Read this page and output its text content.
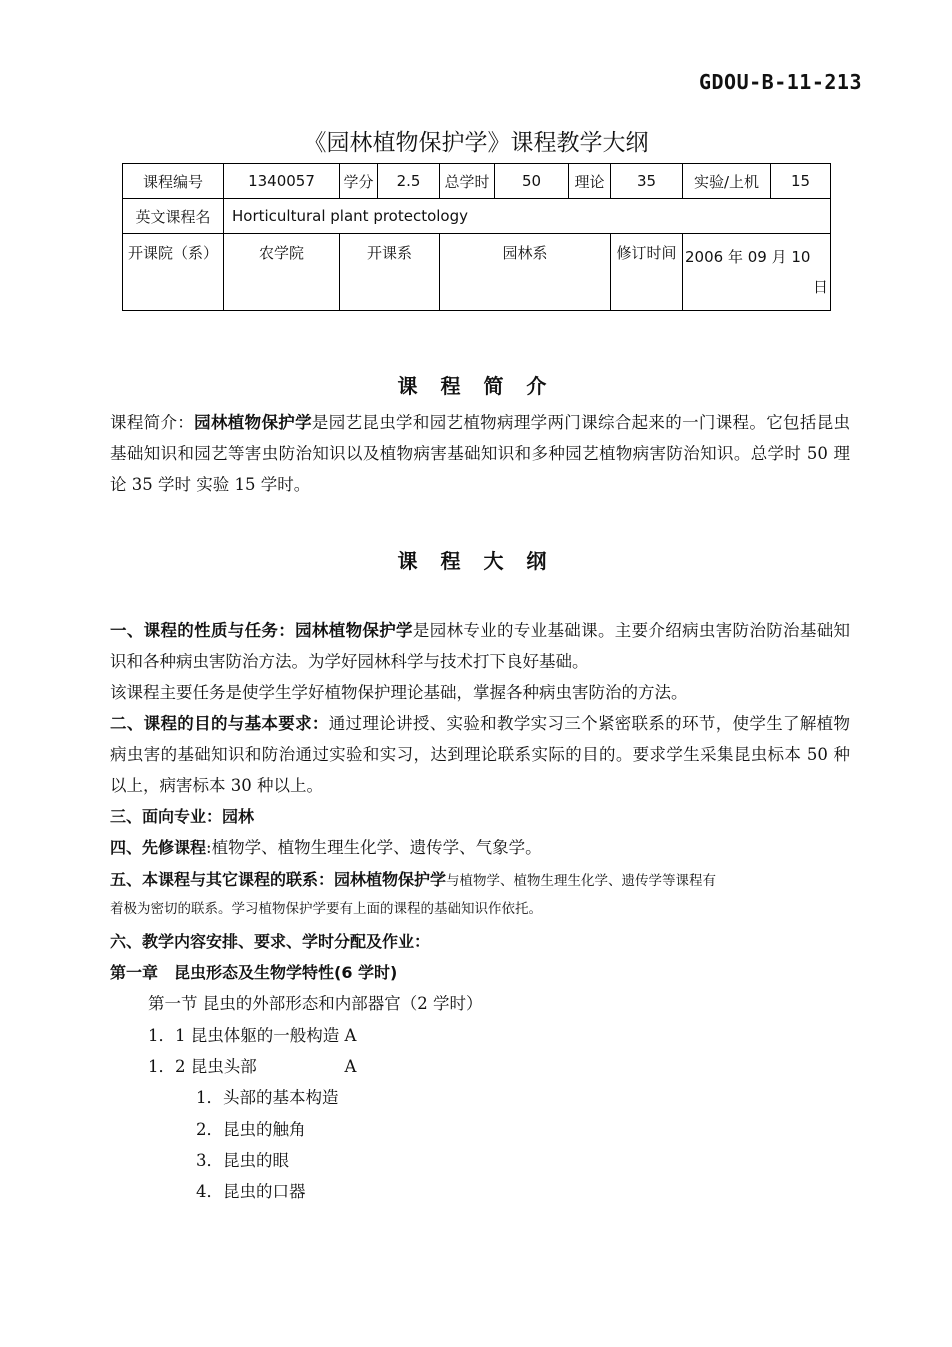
GDOU-B-11-213
《园林植物保护学》课程教学大纲
课程编号	1340057	学分	2.5	总学时	50	理论	35	实验/上机	15
英文课程名	Horticultural plant protectology								
开课院（系）	农学院	开课系		园林系			修订时间	2006 年 09 月 10
日	
课 程 简 介
课程简介：园林植物保护学是园艺昆虫学和园艺植物病理学两门课综合起来的一门课程。它包括昆虫基础知识和园艺等害虫防治知识以及植物病害基础知识和多种园艺植物病害防治知识。总学时 50 理论 35 学时 实验 15 学时。
课 程 大 纲
一、课程的性质与任务：园林植物保护学是园林专业的专业基础课。主要介绍病虫害防治防治基础知识和各种病虫害防治方法。为学好园林科学与技术打下良好基础。
该课程主要任务是使学生学好植物保护理论基础，掌握各种病虫害防治的方法。
二、课程的目的与基本要求：通过理论讲授、实验和教学实习三个紧密联系的环节，使学生了解植物病虫害的基础知识和防治通过实验和实习，达到理论联系实际的目的。要求学生采集昆虫标本 50 种以上，病害标本 30 种以上。
三、面向专业：园林
四、先修课程:植物学、植物生理生化学、遗传学、气象学。
五、本课程与其它课程的联系：园林植物保护学与植物学、植物生理生化学、遗传学等课程有
着极为密切的联系。学习植物保护学要有上面的课程的基础知识作依托。
六、教学内容安排、要求、学时分配及作业：
第一章　昆虫形态及生物学特性(6 学时)
第一节 昆虫的外部形态和内部器官（2 学时）
1．1 昆虫体躯的一般构造 A
1．2 昆虫头部　　　　　 A
1．头部的基本构造
2．昆虫的触角
3．昆虫的眼
4．昆虫的口器
